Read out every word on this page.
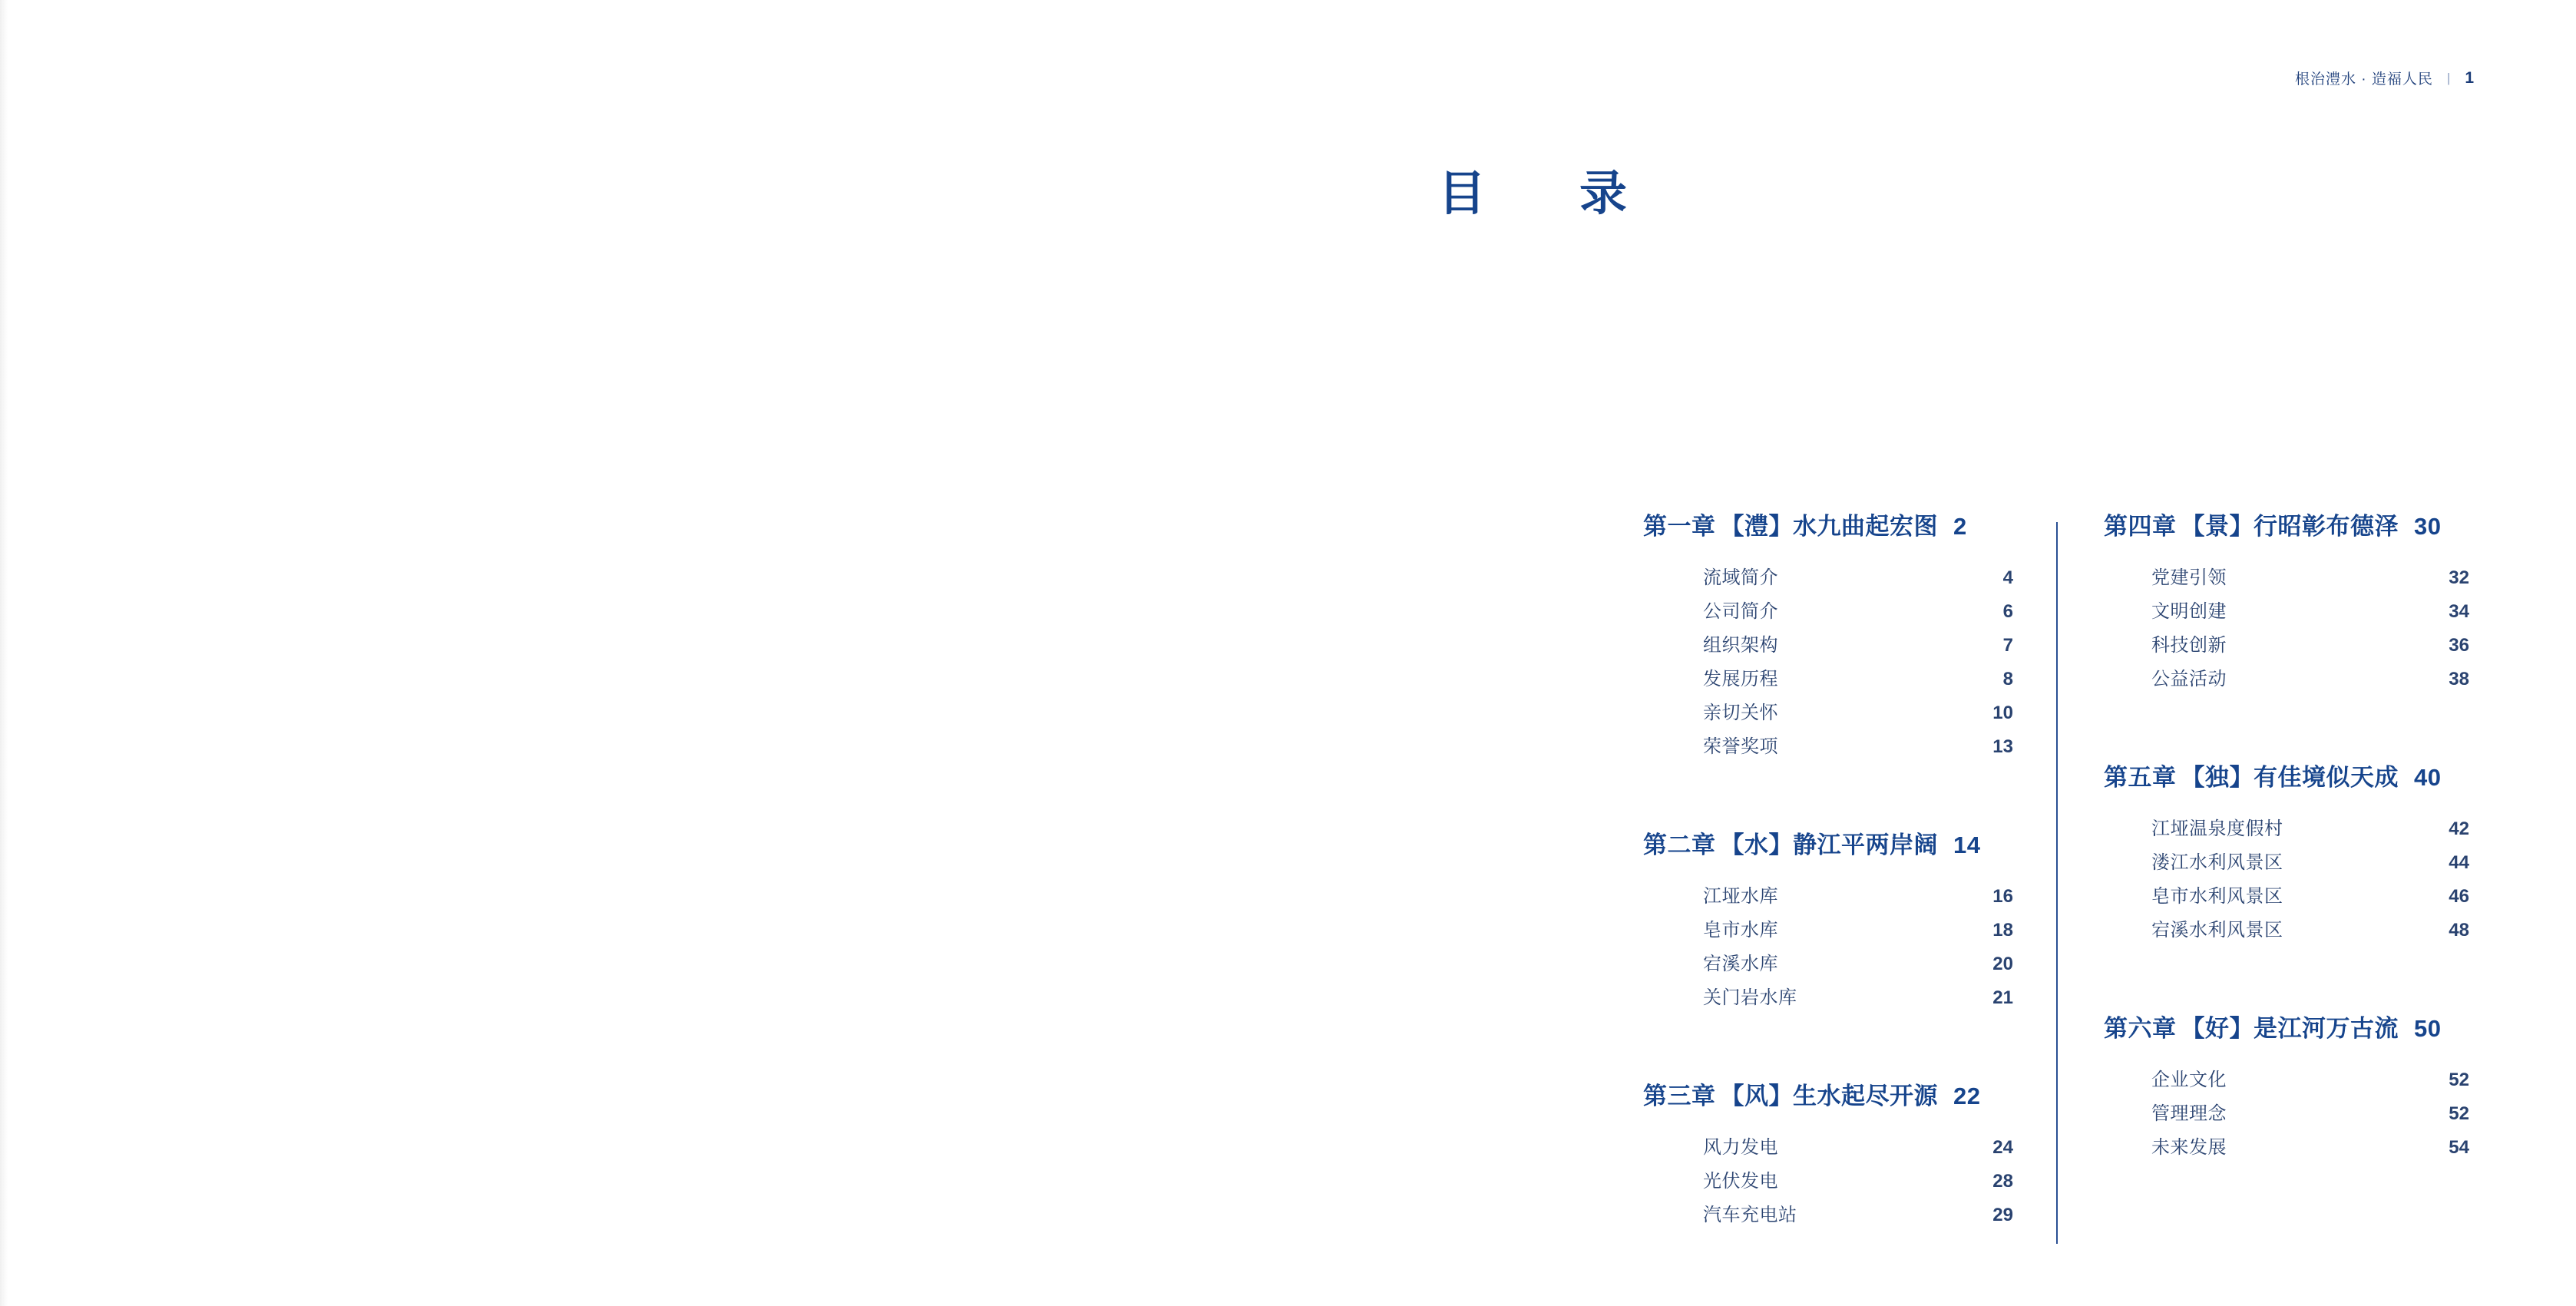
根治澧水 · 造福人民 | 1
目　录
第一章 【澧】 水九曲起宏图 2
流域简介	4
公司简介	6
组织架构	7
发展历程	8
亲切关怀	10
荣誉奖项	13
第二章 【水】 静江平两岸阔 14
江垭水库	16
皂市水库	18
宕溪水库	20
关门岩水库	21
第三章 【风】 生水起尽开源 22
风力发电	24
光伏发电	28
汽车充电站	29
第四章 【景】 行昭彰布德泽 30
党建引领	32
文明创建	34
科技创新	36
公益活动	38
第五章 【独】 有佳境似天成 40
江垭温泉度假村	42
溇江水利风景区	44
皂市水利风景区	46
宕溪水利风景区	48
第六章 【好】 是江河万古流 50
企业文化	52
管理理念	52
未来发展	54
